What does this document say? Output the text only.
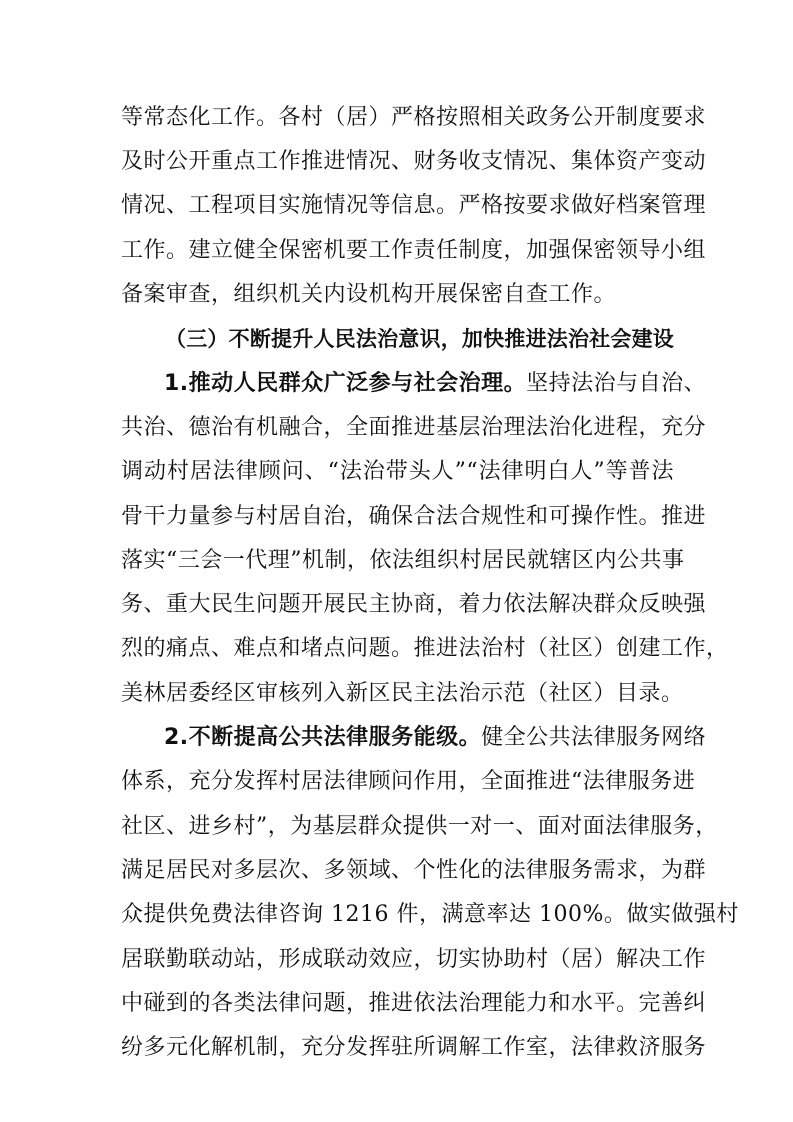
等常态化工作。各村（居）严格按照相关政务公开制度要求
及时公开重点工作推进情况、财务收支情况、集体资产变动
情况、工程项目实施情况等信息。严格按要求做好档案管理
工作。建立健全保密机要工作责任制度，加强保密领导小组
备案审查，组织机关内设机构开展保密自查工作。
（三）不断提升人民法治意识，加快推进法治社会建设
1.推动人民群众广泛参与社会治理。坚持法治与自治、
共治、德治有机融合，全面推进基层治理法治化进程，充分
调动村居法律顾问、“法治带头人”“法律明白人”等普法
骨干力量参与村居自治，确保合法合规性和可操作性。推进
落实“三会一代理”机制，依法组织村居民就辖区内公共事
务、重大民生问题开展民主协商，着力依法解决群众反映强
烈的痛点、难点和堵点问题。推进法治村（社区）创建工作，
美林居委经区审核列入新区民主法治示范（社区）目录。
2.不断提高公共法律服务能级。健全公共法律服务网络
体系，充分发挥村居法律顾问作用，全面推进“法律服务进
社区、进乡村”，为基层群众提供一对一、面对面法律服务，
满足居民对多层次、多领域、个性化的法律服务需求，为群
众提供免费法律咨询 1216 件，满意率达 100%。做实做强村
居联勤联动站，形成联动效应，切实协助村（居）解决工作
中碰到的各类法律问题，推进依法治理能力和水平。完善纠
纷多元化解机制，充分发挥驻所调解工作室，法律救济服务
